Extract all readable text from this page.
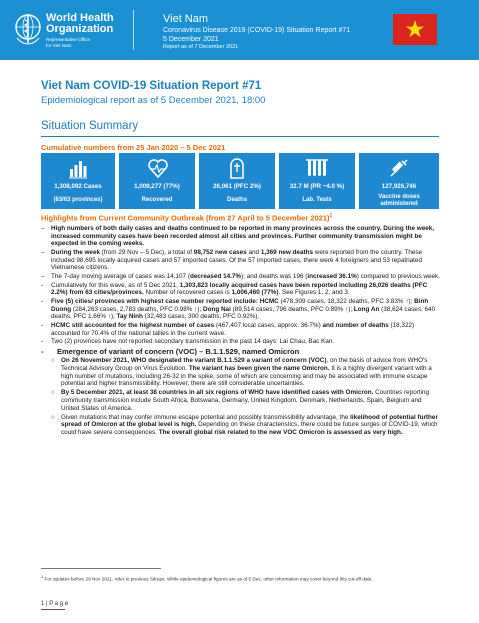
World Health
Organization
Representative Office
for Viet Nam
Viet Nam
Coronavirus Disease 2019 (COVID-19) Situation Report #71
5 December 2021
Report as of 7 December 2021
Viet Nam COVID-19 Situation Report #71
Epidemiological report as of 5 December 2021, 18:00
Situation Summary
Cumulative numbers from 25 Jan 2020 – 5 Dec 2021
1,308,092 Cases
(63/63 provinces)
1,009,277 (77%)
Recovered
26,061 (PFC 2%)
Deaths
32.7 M (PR ~4.0 %)
Lab. Tests
127,926,746
Vaccine doses administered
Highlights from Current Community Outbreak (from 27 April to 5 December 2021)$^1$
– High numbers of both daily cases and deaths continued to be reported in many provinces across the country. During the week, increased community cases have been recorded almost all cities and provinces. Further community transmission might be expected in the coming weeks.
– During the week (from 29 Nov – 5 Dec), a total of 98,752 new cases and 1,369 new deaths were reported from the country. These included 98,695 locally acquired cases and 57 imported cases. Of the 57 imported cases, there were 4 foreigners and 53 repatriated Vietnamese citizens.
– The 7-day moving average of cases was 14,107 (decreased 14.7%); and deaths was 196 (increased 36.1%) compared to previous week.
- Cumulatively for this wave, as of 5 Dec 2021, 1,303,823 locally acquired cases have been reported including 26,026 deaths (PFC 2.2%) from 63 cities/provinces. Number of recovered cases is 1,006,460 (77%). See Figures 1, 2, and 3.
- Five (5) cities/ provinces with highest case number reported include: HCMC (478,309 cases, 18,322 deaths, PFC 3.83% ↑); Binh Duong (284,263 cases, 2,783 deaths, PFC 0.98% ↑); Dong Nai (89,514 cases, 796 deaths, PFC 0.89% ↑); Long An (38,624 cases, 640 deaths, PFC 1.66% ↑); Tay Ninh (32,483 cases, 300 deaths, PFC 0.92%).
- HCMC still accounted for the highest number of cases (467,407 local cases, approx. 36.7%) and number of deaths (18,322) accounted for 70.4% of the national tallies in the current wave.
- Two (2) provinces have not reported secondary transmission in the past 14 days: Lai Chau, Bac Kan.
- Emergence of variant of concern (VOC) – B.1.1.529, named Omicron
○ On 26 November 2021, WHO designated the variant B.1.1.529 a variant of concern (VOC), on the basis of advice from WHO's Technical Advisory Group on Virus Evolution. The variant has been given the name Omicron. It is a highly divergent variant with a high number of mutations, including 26-32 in the spike, some of which are concerning and may be associated with immune escape potential and higher transmissibility. However, there are still considerable uncertainties.
○ By 5 December 2021, at least 38 countries in all six regions of WHO have identified cases with Omicron. Countries reporting community transmission include South Africa, Botswana, Germany, United Kingdom, Denmark, Netherlands, Spain, Belgium and United States of America.
○ Given mutations that may confer immune escape potential and possibly transmissibility advantage, the likelihood of potential further spread of Omicron at the global level is high. Depending on these characteristics, there could be future surges of COVID-19, which could have severe consequences. The overall global risk related to the new VOC Omicron is assessed as very high.
$^1$ For updates before 29 Nov 2021, refer to previous Sitreps. While epidemiological figures are as of 5 Dec, other information may cover beyond this cut-off date.
1 | P a g e
